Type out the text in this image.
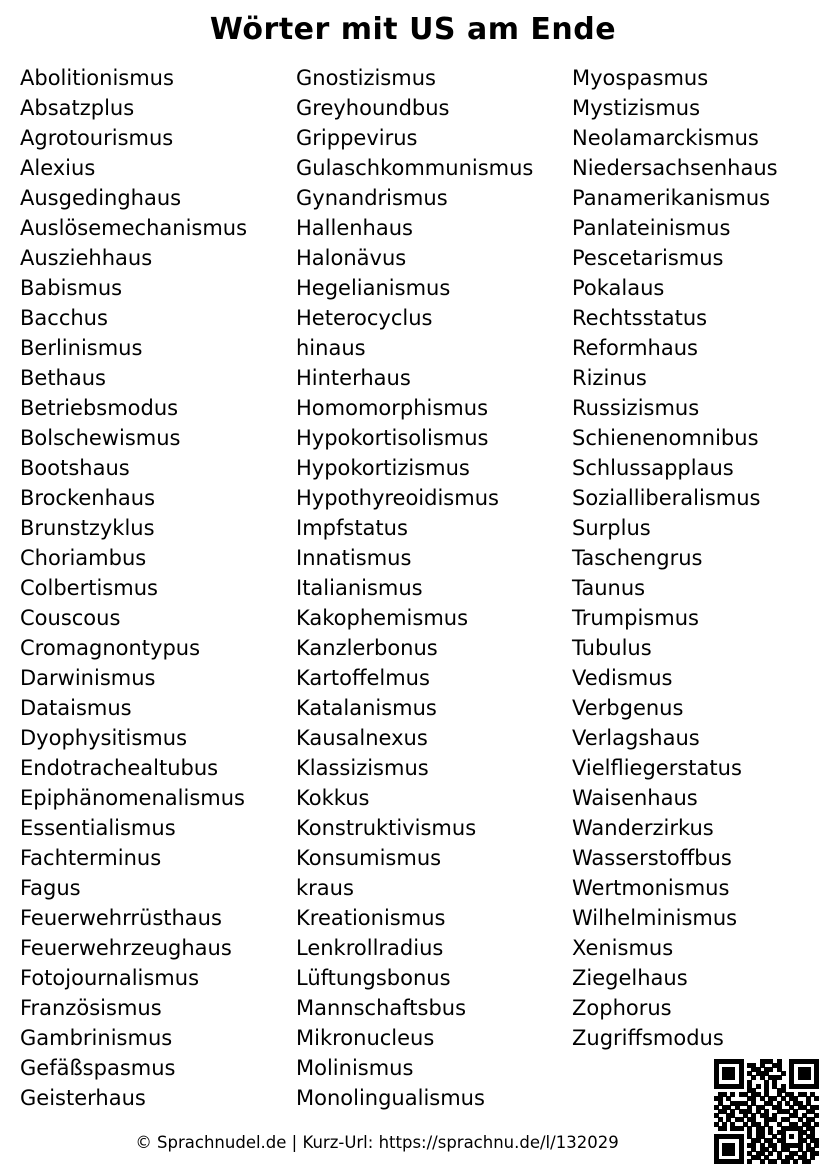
Wörter mit US am Ende
Abolitionismus
Absatzplus
Agrotourismus
Alexius
Ausgedinghaus
Auslösemechanismus
Ausziehhaus
Babismus
Bacchus
Berlinismus
Bethaus
Betriebsmodus
Bolschewismus
Bootshaus
Brockenhaus
Brunstzyklus
Choriambus
Colbertismus
Couscous
Cromagnontypus
Darwinismus
Dataismus
Dyophysitismus
Endotrachealtubus
Epiphänomenalismus
Essentialismus
Fachterminus
Fagus
Feuerwehrrüsthaus
Feuerwehrzeughaus
Fotojournalismus
Französismus
Gambrinismus
Gefäßspasmus
Geisterhaus
Gnostizismus
Greyhoundbus
Grippevirus
Gulaschkommunismus
Gynandrismus
Hallenhaus
Halonävus
Hegelianismus
Heterocyclus
hinaus
Hinterhaus
Homomorphismus
Hypokortisolismus
Hypokortizismus
Hypothyreoidismus
Impfstatus
Innatismus
Italianismus
Kakophemismus
Kanzlerbonus
Kartoffelmus
Katalanismus
Kausalnexus
Klassizismus
Kokkus
Konstruktivismus
Konsumismus
kraus
Kreationismus
Lenkrollradius
Lüftungsbonus
Mannschaftsbus
Mikronucleus
Molinismus
Monolingualismus
Myospasmus
Mystizismus
Neolamarckismus
Niedersachsenhaus
Panamerikanismus
Panlateinismus
Pescetarismus
Pokalaus
Rechtsstatus
Reformhaus
Rizinus
Russizismus
Schienenomnibus
Schlussapplaus
Sozialliberalismus
Surplus
Taschengrus
Taunus
Trumpismus
Tubulus
Vedismus
Verbgenus
Verlagshaus
Vielfliegerstatus
Waisenhaus
Wanderzirkus
Wasserstoffbus
Wertmonismus
Wilhelminismus
Xenismus
Ziegelhaus
Zophorus
Zugriffsmodus
© Sprachnudel.de | Kurz-Url: https://sprachnu.de/l/132029
